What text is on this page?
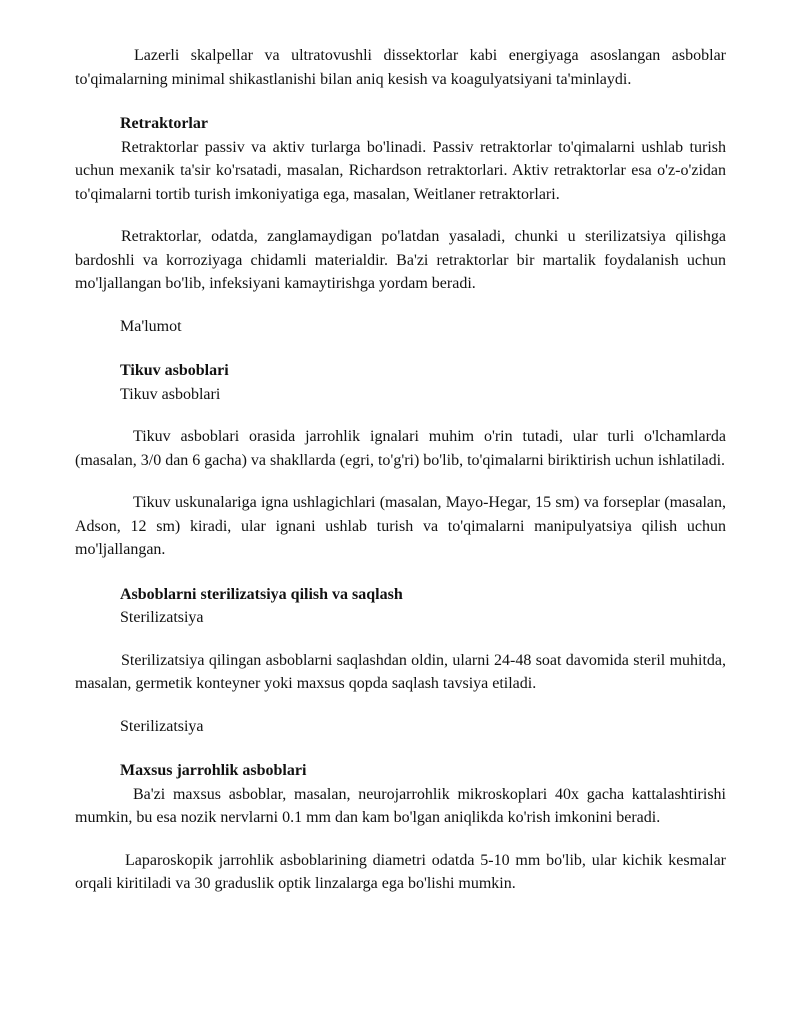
Lazerli skalpellar va ultratovushli dissektorlar kabi energiyaga asoslangan asboblar to'qimalarning minimal shikastlanishi bilan aniq kesish va koagulyatsiyani ta'minlaydi.

Retraktorlar

Retraktorlar passiv va aktiv turlarga bo'linadi. Passiv retraktorlar to'qimalarni ushlab turish uchun mexanik ta'sir ko'rsatadi, masalan, Richardson retraktorlari. Aktiv retraktorlar esa o'z-o'zidan to'qimalarni tortib turish imkoniyatiga ega, masalan, Weitlaner retraktorlari.

Retraktorlar, odatda, zanglamaydigan po'latdan yasaladi, chunki u sterilizatsiya qilishga bardoshli va korroziyaga chidamli materialdir. Ba'zi retraktorlar bir martalik foydalanish uchun mo'ljallangan bo'lib, infeksiyani kamaytirishga yordam beradi.

Ma'lumot

Tikuv asboblari

Tikuv asboblari

Tikuv asboblari orasida jarrohlik ignalari muhim o'rin tutadi, ular turli o'lchamlarda (masalan, 3/0 dan 6 gacha) va shakllarda (egri, to'g'ri) bo'lib, to'qimalarni biriktirish uchun ishlatiladi.

Tikuv uskunalariga igna ushlagichlari (masalan, Mayo-Hegar, 15 sm) va forseplar (masalan, Adson, 12 sm) kiradi, ular ignani ushlab turish va to'qimalarni manipulyatsiya qilish uchun mo'ljallangan.

Asboblarni sterilizatsiya qilish va saqlash

Sterilizatsiya

Sterilizatsiya qilingan asboblarni saqlashdan oldin, ularni 24-48 soat davomida steril muhitda, masalan, germetik konteyner yoki maxsus qopda saqlash tavsiya etiladi.

Sterilizatsiya

Maxsus jarrohlik asboblari

Ba'zi maxsus asboblar, masalan, neurojarrohlik mikroskoplari 40x gacha kattalashtirishi mumkin, bu esa nozik nervlarni 0.1 mm dan kam bo'lgan aniqlikda ko'rish imkonini beradi.

Laparoskopik jarrohlik asboblarining diametri odatda 5-10 mm bo'lib, ular kichik kesmalar orqali kiritiladi va 30 graduslik optik linzalarga ega bo'lishi mumkin.
